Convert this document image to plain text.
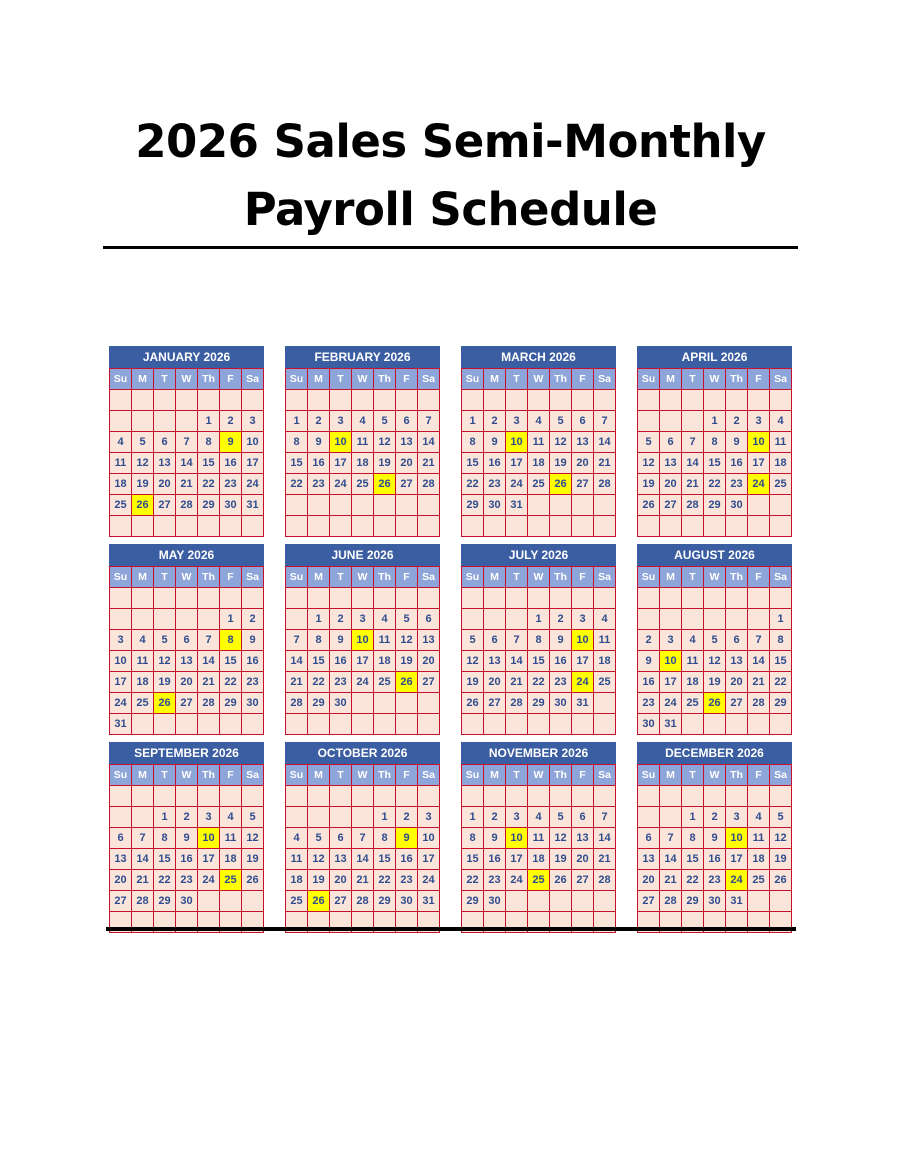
2026 Sales Semi-Monthly
Payroll Schedule
JANUARY 2026
Su	M	T	W	Th	F	Sa

				1	2	3
4	5	6	7	8	9	10
11	12	13	14	15	16	17
18	19	20	21	22	23	24
25	26	27	28	29	30	31

FEBRUARY 2026
Su	M	T	W	Th	F	Sa

1	2	3	4	5	6	7
8	9	10	11	12	13	14
15	16	17	18	19	20	21
22	23	24	25	26	27	28

MARCH 2026
Su	M	T	W	Th	F	Sa

1	2	3	4	5	6	7
8	9	10	11	12	13	14
15	16	17	18	19	20	21
22	23	24	25	26	27	28
29	30	31				

APRIL 2026
Su	M	T	W	Th	F	Sa

			1	2	3	4
5	6	7	8	9	10	11
12	13	14	15	16	17	18
19	20	21	22	23	24	25
26	27	28	29	30		

MAY 2026
Su	M	T	W	Th	F	Sa

					1	2
3	4	5	6	7	8	9
10	11	12	13	14	15	16
17	18	19	20	21	22	23
24	25	26	27	28	29	30
31						
JUNE 2026
Su	M	T	W	Th	F	Sa

	1	2	3	4	5	6
7	8	9	10	11	12	13
14	15	16	17	18	19	20
21	22	23	24	25	26	27
28	29	30				

JULY 2026
Su	M	T	W	Th	F	Sa

			1	2	3	4
5	6	7	8	9	10	11
12	13	14	15	16	17	18
19	20	21	22	23	24	25
26	27	28	29	30	31	

AUGUST 2026
Su	M	T	W	Th	F	Sa

						1
2	3	4	5	6	7	8
9	10	11	12	13	14	15
16	17	18	19	20	21	22
23	24	25	26	27	28	29
30	31					
SEPTEMBER 2026
Su	M	T	W	Th	F	Sa

		1	2	3	4	5
6	7	8	9	10	11	12
13	14	15	16	17	18	19
20	21	22	23	24	25	26
27	28	29	30			

OCTOBER 2026
Su	M	T	W	Th	F	Sa

				1	2	3
4	5	6	7	8	9	10
11	12	13	14	15	16	17
18	19	20	21	22	23	24
25	26	27	28	29	30	31

NOVEMBER 2026
Su	M	T	W	Th	F	Sa

1	2	3	4	5	6	7
8	9	10	11	12	13	14
15	16	17	18	19	20	21
22	23	24	25	26	27	28
29	30					

DECEMBER 2026
Su	M	T	W	Th	F	Sa

		1	2	3	4	5
6	7	8	9	10	11	12
13	14	15	16	17	18	19
20	21	22	23	24	25	26
27	28	29	30	31		
